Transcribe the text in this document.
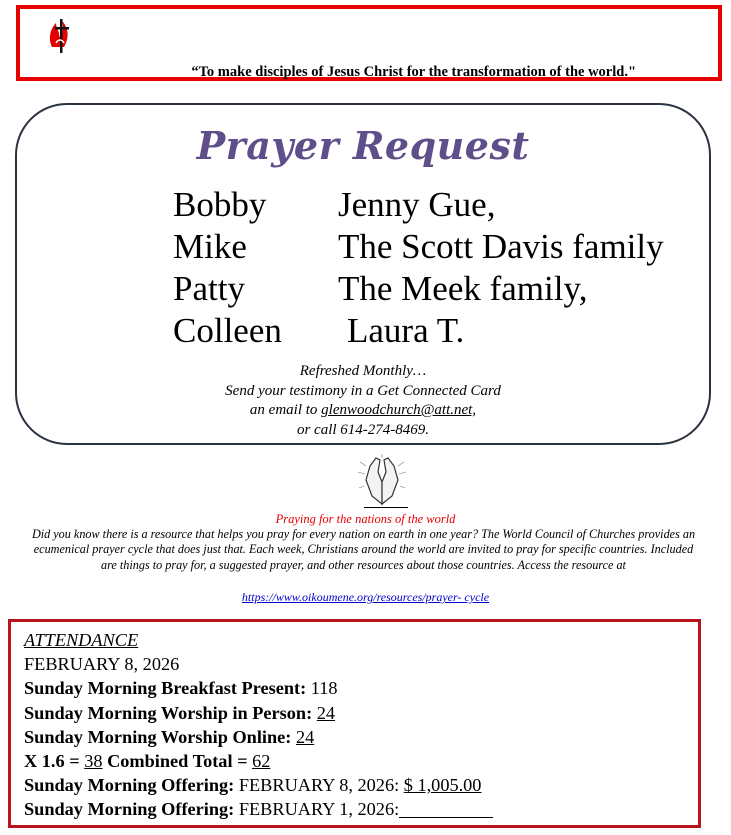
“To make disciples of Jesus Christ for the transformation of the world."
Prayer Request
Bobby Jenny Gue,
Mike	The Scott Davis family
Patty	The Meek family,
Colleen Laura T.
Refreshed Monthly…
Send your testimony in a Get Connected Card
an email to glenwoodchurch@att.net,
or call 614-274-8469.
Praying for the nations of the world
Did you know there is a resource that helps you pray for every nation on earth in one year? The World Council of Churches provides an ecumenical prayer cycle that does just that. Each week, Christians around the world are invited to pray for specific countries. Included are things to pray for, a suggested prayer, and other resources about those countries. Access the resource at
https://www.oikoumene.org/resources/prayer- cycle
ATTENDANCE
FEBRUARY 8, 2026
Sunday Morning Breakfast Present: 118
Sunday Morning Worship in Person: 24
Sunday Morning Worship Online: 24
X 1.6 = 38 Combined Total = 62
Sunday Morning Offering: FEBRUARY 8, 2026: $ 1,005.00
Sunday Morning Offering: FEBRUARY 1, 2026:
